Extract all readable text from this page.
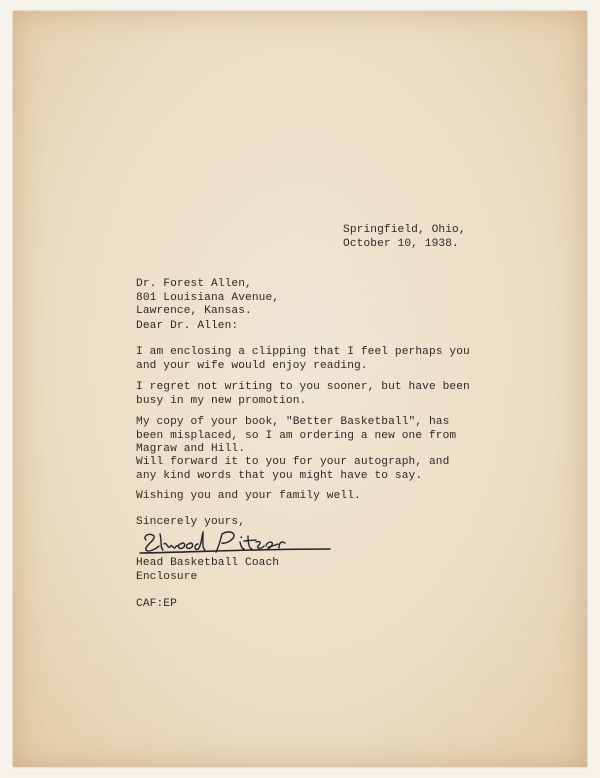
Springfield, Ohio,
October 10, 1938.
Dr. Forest Allen,
801 Louisiana Avenue,
Lawrence, Kansas.
Dear Dr. Allen:
I am enclosing a clipping that I feel perhaps you
and your wife would enjoy reading.
I regret not writing to you sooner, but have been
busy in my new promotion.
My copy of your book, "Better Basketball", has
been misplaced, so I am ordering a new one from
Magraw and Hill.
Will forward it to you for your autograph, and
any kind words that you might have to say.
Wishing you and your family well.
Sincerely yours,
Head Basketball Coach
Enclosure
CAF:EP
